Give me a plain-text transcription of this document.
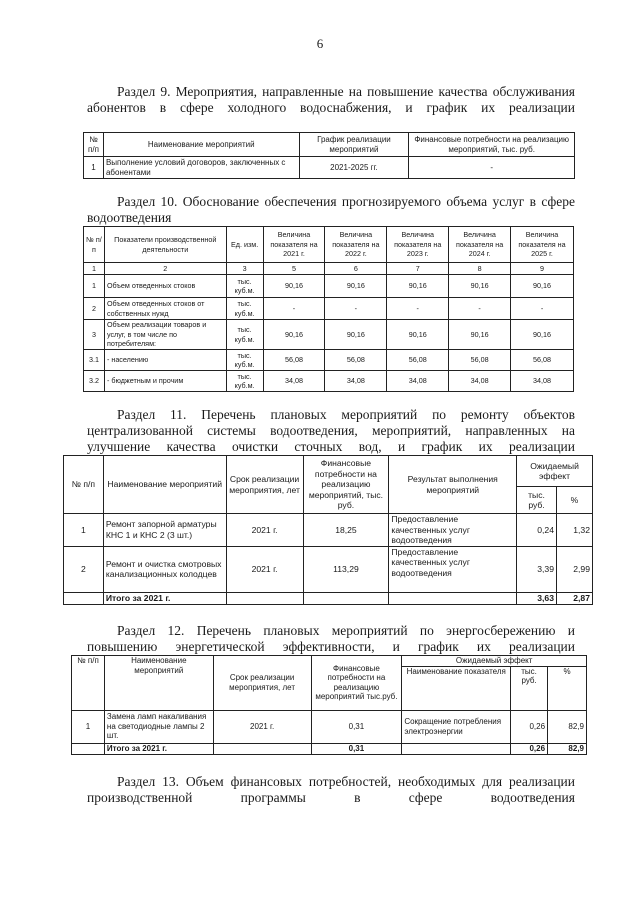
6
Раздел 9. Мероприятия, направленные на повышение качества обслуживания абонентов в сфере холодного водоснабжения, и график их реализации
№ п/п	Наименование мероприятий	График реализации мероприятий	Финансовые потребности на реализацию мероприятий, тыс. руб.
1	Выполнение условий договоров, заключенных с абонентами	2021-2025 гг.	-
Раздел 10. Обоснование обеспечения прогнозируемого объема услуг в сфере водоотведения
№ п/п	Показатели производственной деятельности	Ед. изм.	Величина показателя на 2021 г.	Величина показателя на 2022 г.	Величина показателя на 2023 г.	Величина показателя на 2024 г.	Величина показателя на 2025 г.
1	2	3	5	6	7	8	9
1	Объем отведенных стоков	тыс. куб.м.	90,16	90,16	90,16	90,16	90,16
2	Объем отведенных стоков от собственных нужд	тыс. куб.м.	-	-	-	-	-
3	Объем реализации товаров и услуг, в том числе по потребителям:	тыс. куб.м.	90,16	90,16	90,16	90,16	90,16
3.1	- населению	тыс. куб.м.	56,08	56,08	56,08	56,08	56,08
3.2	- бюджетным и прочим	тыс. куб.м.	34,08	34,08	34,08	34,08	34,08
Раздел 11. Перечень плановых мероприятий по ремонту объектов централизованной системы водоотведения, мероприятий, направленных на улучшение качества очистки сточных вод, и график их реализации
№ п/п	Наименование мероприятий	Срок реализации мероприятия, лет	Финансовые потребности на реализацию мероприятий, тыс. руб.	Результат выполнения мероприятий	Ожидаемый эффект	
					тыс. руб.	%
1	Ремонт запорной арматуры КНС 1 и КНС 2 (3 шт.)	2021 г.	18,25	Предоставление качественных услуг водоотведения	0,24	1,32
2	Ремонт и очистка смотровых канализационных колодцев	2021 г.	113,29	Предоставление качественных услуг водоотведения	3,39	2,99
	Итого за 2021 г.				3,63	2,87
Раздел 12. Перечень плановых мероприятий по энергосбережению и повышению энергетической эффективности, и график их реализации
№ п/п	Наименование мероприятий	Срок реализации мероприятия, лет	Финансовые потребности на реализацию мероприятий тыс.руб.	Ожидаемый эффект		
				Наименование показателя	тыс. руб.	%
1	Замена ламп накаливания на светодиодные лампы 2 шт.	2021 г.	0,31	Сокращение потребления электроэнергии	0,26	82,9
	Итого за 2021 г.		0,31		0,26	82,9
Раздел 13. Объем финансовых потребностей, необходимых для реализации производственной программы в сфере водоотведения
